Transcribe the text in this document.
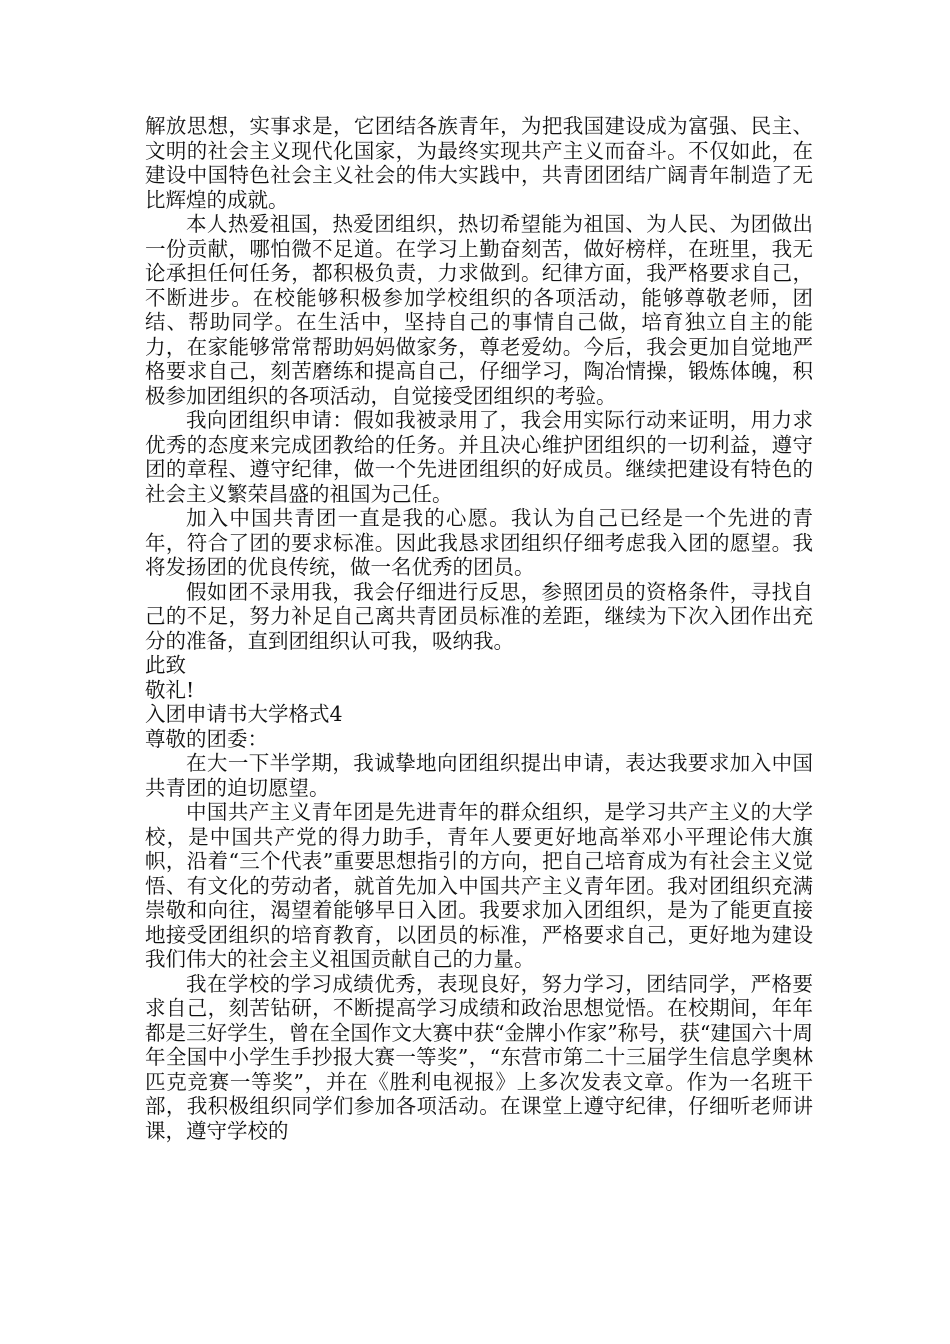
解放思想，实事求是，它团结各族青年，为把我国建设成为富强、民主、文明的社会主义现代化国家，为最终实现共产主义而奋斗。不仅如此，在建设中国特色社会主义社会的伟大实践中，共青团团结广阔青年制造了无比辉煌的成就。

本人热爱祖国，热爱团组织，热切希望能为祖国、为人民、为团做出一份贡献，哪怕微不足道。在学习上勤奋刻苦，做好榜样，在班里，我无论承担任何任务，都积极负责，力求做到。纪律方面，我严格要求自己，不断进步。在校能够积极参加学校组织的各项活动，能够尊敬老师，团结、帮助同学。在生活中，坚持自己的事情自己做，培育独立自主的能力，在家能够常常帮助妈妈做家务，尊老爱幼。今后，我会更加自觉地严格要求自己，刻苦磨练和提高自己，仔细学习，陶冶情操，锻炼体魄，积极参加团组织的各项活动，自觉接受团组织的考验。

我向团组织申请：假如我被录用了，我会用实际行动来证明，用力求优秀的态度来完成团教给的任务。并且决心维护团组织的一切利益，遵守团的章程、遵守纪律，做一个先进团组织的好成员。继续把建设有特色的社会主义繁荣昌盛的祖国为己任。

加入中国共青团一直是我的心愿。我认为自己已经是一个先进的青年，符合了团的要求标准。因此我恳求团组织仔细考虑我入团的愿望。我将发扬团的优良传统，做一名优秀的团员。

假如团不录用我，我会仔细进行反思，参照团员的资格条件，寻找自己的不足，努力补足自己离共青团员标准的差距，继续为下次入团作出充分的准备，直到团组织认可我，吸纳我。

此致

敬礼!

入团申请书大学格式4

尊敬的团委：

在大一下半学期，我诚挚地向团组织提出申请，表达我要求加入中国共青团的迫切愿望。

中国共产主义青年团是先进青年的群众组织，是学习共产主义的大学校，是中国共产党的得力助手，青年人要更好地高举邓小平理论伟大旗帜，沿着“三个代表”重要思想指引的方向，把自己培育成为有社会主义觉悟、有文化的劳动者，就首先加入中国共产主义青年团。我对团组织充满崇敬和向往，渴望着能够早日入团。我要求加入团组织，是为了能更直接地接受团组织的培育教育，以团员的标准，严格要求自己，更好地为建设我们伟大的社会主义祖国贡献自己的力量。

我在学校的学习成绩优秀，表现良好，努力学习，团结同学，严格要求自己，刻苦钻研，不断提高学习成绩和政治思想觉悟。在校期间，年年都是三好学生，曾在全国作文大赛中获“金牌小作家”称号，获“建国六十周年全国中小学生手抄报大赛一等奖”，“东营市第二十三届学生信息学奥林匹克竞赛一等奖”，并在《胜利电视报》上多次发表文章。作为一名班干部，我积极组织同学们参加各项活动。在课堂上遵守纪律，仔细听老师讲课，遵守学校的
